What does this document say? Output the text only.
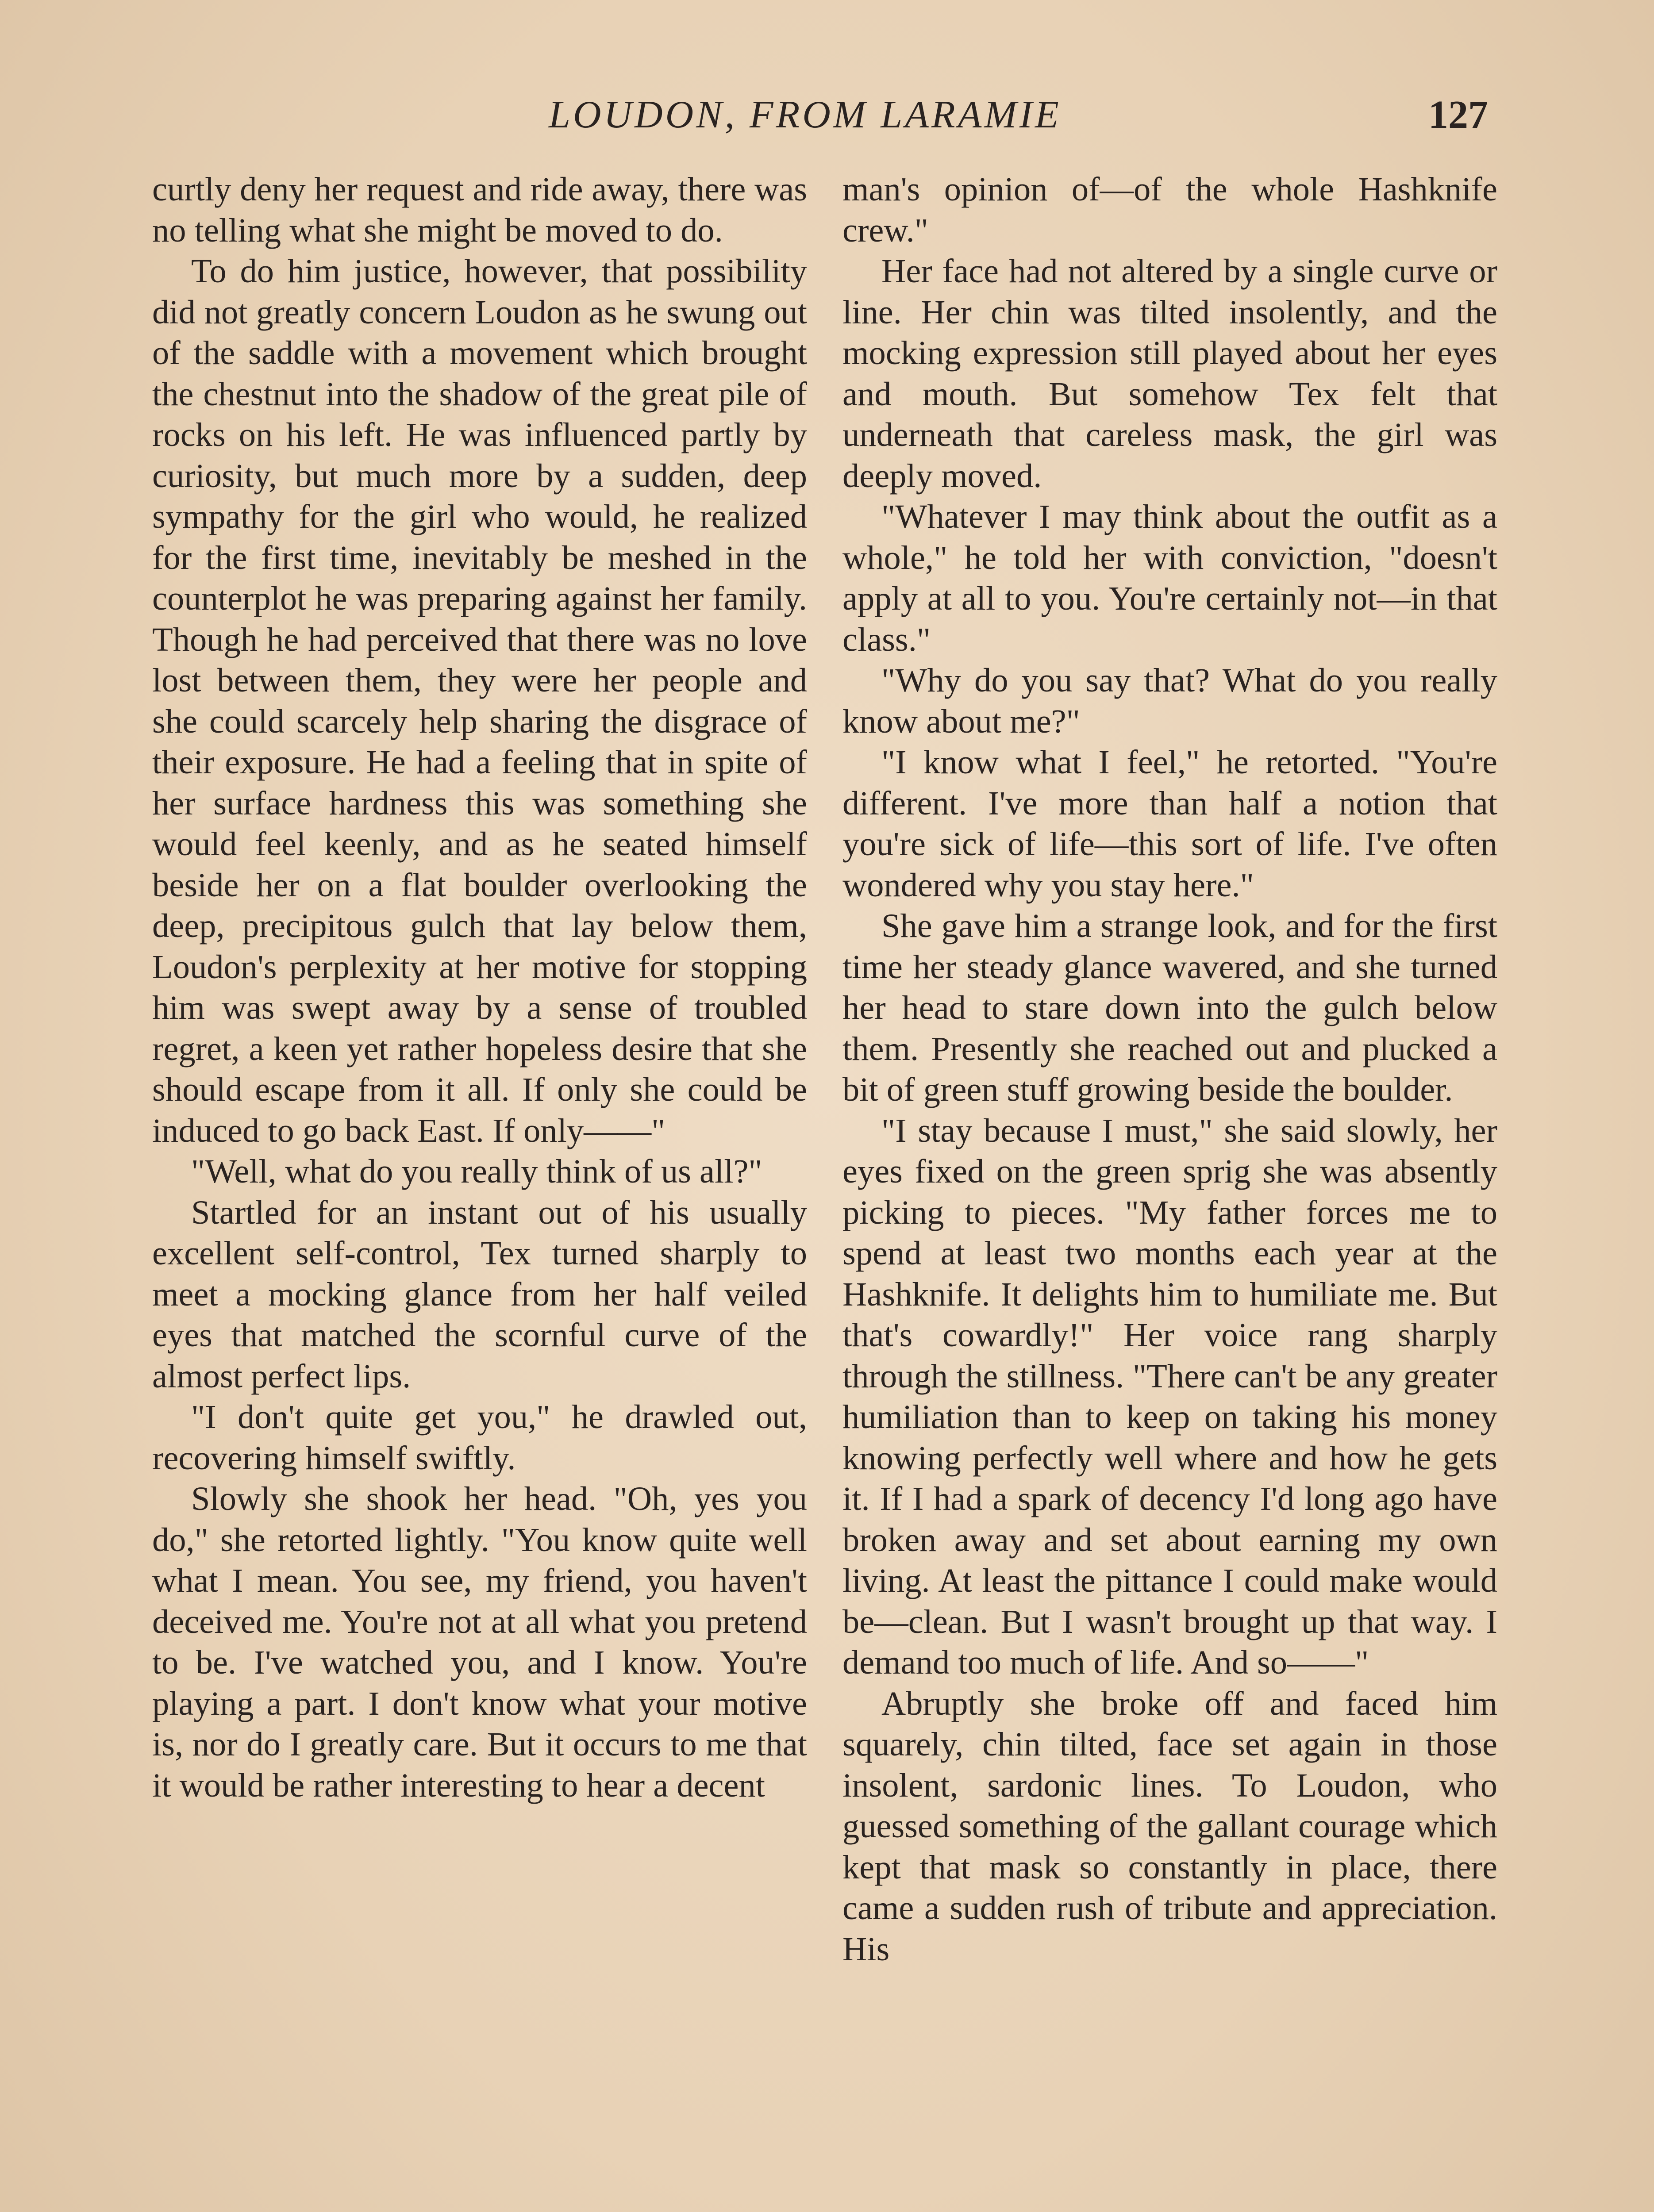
LOUDON, FROM LARAMIE	127

curtly deny her request and ride away, there was no telling what she might be moved to do.

To do him justice, however, that possibility did not greatly concern Loudon as he swung out of the saddle with a movement which brought the chestnut into the shadow of the great pile of rocks on his left. He was influenced partly by curiosity, but much more by a sudden, deep sympathy for the girl who would, he realized for the first time, inevitably be meshed in the counterplot he was preparing against her family. Though he had perceived that there was no love lost between them, they were her people and she could scarcely help sharing the disgrace of their exposure. He had a feeling that in spite of her surface hardness this was something she would feel keenly, and as he seated himself beside her on a flat boulder overlooking the deep, precipitous gulch that lay below them, Loudon's perplexity at her motive for stopping him was swept away by a sense of troubled regret, a keen yet rather hopeless desire that she should escape from it all. If only she could be induced to go back East. If only——"

"Well, what do you really think of us all?"

Startled for an instant out of his usually excellent self-control, Tex turned sharply to meet a mocking glance from her half veiled eyes that matched the scornful curve of the almost perfect lips.

"I don't quite get you," he drawled out, recovering himself swiftly.

Slowly she shook her head. "Oh, yes you do," she retorted lightly. "You know quite well what I mean. You see, my friend, you haven't deceived me. You're not at all what you pretend to be. I've watched you, and I know. You're playing a part. I don't know what your motive is, nor do I greatly care. But it occurs to me that it would be rather interesting to hear a decent

man's opinion of—of the whole Hashknife crew."

Her face had not altered by a single curve or line. Her chin was tilted insolently, and the mocking expression still played about her eyes and mouth. But somehow Tex felt that underneath that careless mask, the girl was deeply moved.

"Whatever I may think about the outfit as a whole," he told her with conviction, "doesn't apply at all to you. You're certainly not—in that class."

"Why do you say that? What do you really know about me?"

"I know what I feel," he retorted. "You're different. I've more than half a notion that you're sick of life—this sort of life. I've often wondered why you stay here."

She gave him a strange look, and for the first time her steady glance wavered, and she turned her head to stare down into the gulch below them. Presently she reached out and plucked a bit of green stuff growing beside the boulder.

"I stay because I must," she said slowly, her eyes fixed on the green sprig she was absently picking to pieces. "My father forces me to spend at least two months each year at the Hashknife. It delights him to humiliate me. But that's cowardly!" Her voice rang sharply through the stillness. "There can't be any greater humiliation than to keep on taking his money knowing perfectly well where and how he gets it. If I had a spark of decency I'd long ago have broken away and set about earning my own living. At least the pittance I could make would be—clean. But I wasn't brought up that way. I demand too much of life. And so——"

Abruptly she broke off and faced him squarely, chin tilted, face set again in those insolent, sardonic lines. To Loudon, who guessed something of the gallant courage which kept that mask so constantly in place, there came a sudden rush of tribute and appreciation. His
